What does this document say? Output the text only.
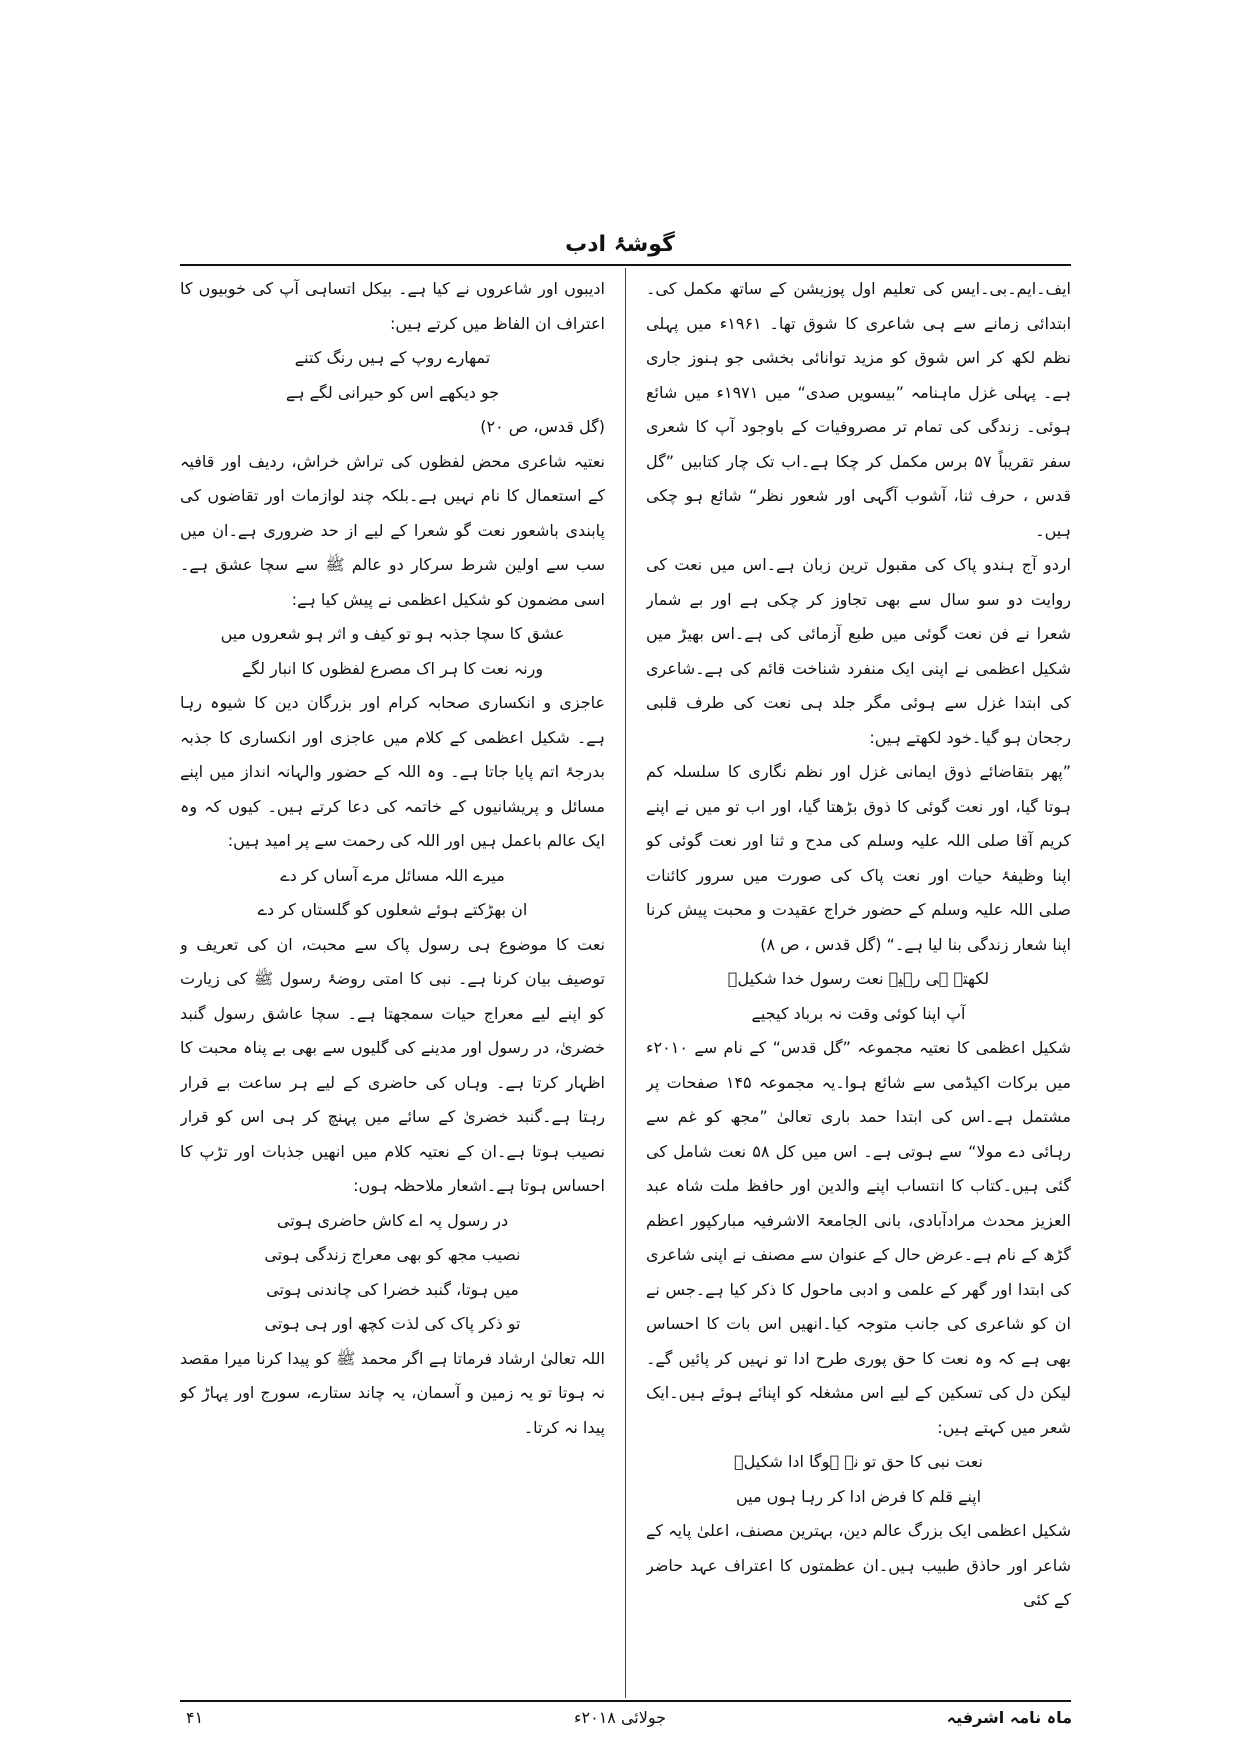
گوشۂ ادب

ایف۔ایم۔بی۔ایس کی تعلیم اول پوزیشن کے ساتھ مکمل کی۔ابتدائی زمانے سے ہی شاعری کا شوق تھا۔ ۱۹۶۱ء میں پہلی نظم لکھ کر اس شوق کو مزید توانائی بخشی جو ہنوز جاری ہے۔ پہلی غزل ماہنامہ ”بیسویں صدی“ میں ۱۹۷۱ء میں شائع ہوئی۔ زندگی کی تمام تر مصروفیات کے باوجود آپ کا شعری سفر تقریباً ۵۷ برس مکمل کر چکا ہے۔اب تک چار کتابیں ”گل قدس ، حرف ثنا، آشوب آگہی اور شعور نظر“ شائع ہو چکی ہیں۔

اردو آج ہندو پاک کی مقبول ترین زبان ہے۔اس میں نعت کی روایت دو سو سال سے بھی تجاوز کر چکی ہے اور بے شمار شعرا نے فن نعت گوئی میں طبع آزمائی کی ہے۔اس بھیڑ میں شکیل اعظمی نے اپنی ایک منفرد شناخت قائم کی ہے۔شاعری کی ابتدا غزل سے ہوئی مگر جلد ہی نعت کی طرف قلبی رجحان ہو گیا۔خود لکھتے ہیں:

”پھر بتقاضائے ذوق ایمانی غزل اور نظم نگاری کا سلسلہ کم ہوتا گیا، اور نعت گوئی کا ذوق بڑھتا گیا، اور اب تو میں نے اپنے کریم آقا صلی اللہ علیہ وسلم کی مدح و ثنا اور نعت گوئی کو اپنا وظیفۂ حیات اور نعت پاک کی صورت میں سرور کائنات صلی اللہ علیہ وسلم کے حضور خراج عقیدت و محبت پیش کرنا اپنا شعار زندگی بنا لیا ہے۔“ (گل قدس ، ص ۸)

لکھتے ہی رہیے نعت رسول خدا شکیلؔ

آپ اپنا کوئی وقت نہ برباد کیجیے

شکیل اعظمی کا نعتیہ مجموعہ ”گل قدس“ کے نام سے ۲۰۱۰ء میں برکات اکیڈمی سے شائع ہوا۔یہ مجموعہ ۱۴۵ صفحات پر مشتمل ہے۔اس کی ابتدا حمد باری تعالیٰ ”مجھ کو غم سے رہائی دے مولا“ سے ہوتی ہے۔ اس میں کل ۵۸ نعت شامل کی گئی ہیں۔کتاب کا انتساب اپنے والدین اور حافظ ملت شاہ عبد العزیز محدث مرادآبادی، بانی الجامعۃ الاشرفیہ مبارکپور اعظم گڑھ کے نام ہے۔عرض حال کے عنوان سے مصنف نے اپنی شاعری کی ابتدا اور گھر کے علمی و ادبی ماحول کا ذکر کیا ہے۔جس نے ان کو شاعری کی جانب متوجہ کیا۔انھیں اس بات کا احساس بھی ہے کہ وہ نعت کا حق پوری طرح ادا تو نہیں کر پائیں گے۔لیکن دل کی تسکین کے لیے اس مشغلہ کو اپنائے ہوئے ہیں۔ایک شعر میں کہتے ہیں:

نعت نبی کا حق تو نہ ہوگا ادا شکیلؔ

اپنے قلم کا فرض ادا کر رہا ہوں میں

شکیل اعظمی ایک بزرگ عالم دین، بہترین مصنف، اعلیٰ پایہ کے شاعر اور حاذق طبیب ہیں۔ان عظمتوں کا اعتراف عہد حاضر کے کئی

ادیبوں اور شاعروں نے کیا ہے۔ بیکل اتساہی آپ کی خوبیوں کا اعتراف ان الفاظ میں کرتے ہیں:

تمھارے روپ کے ہیں رنگ کتنے

جو دیکھے اس کو حیرانی لگے ہے

(گل قدس، ص ۲۰)

نعتیہ شاعری محض لفظوں کی تراش خراش، ردیف اور قافیہ کے استعمال کا نام نہیں ہے۔بلکہ چند لوازمات اور تقاضوں کی پابندی باشعور نعت گو شعرا کے لیے از حد ضروری ہے۔ان میں سب سے اولین شرط سرکار دو عالم ﷺ سے سچا عشق ہے۔اسی مضمون کو شکیل اعظمی نے پیش کیا ہے:

عشق کا سچا جذبہ ہو تو کیف و اثر ہو شعروں میں

ورنہ نعت کا ہر اک مصرع لفظوں کا انبار لگے

عاجزی و انکساری صحابہ کرام اور بزرگان دین کا شیوہ رہا ہے۔ شکیل اعظمی کے کلام میں عاجزی اور انکساری کا جذبہ بدرجۂ اتم پایا جاتا ہے۔ وہ اللہ کے حضور والہانہ انداز میں اپنے مسائل و پریشانیوں کے خاتمہ کی دعا کرتے ہیں۔ کیوں کہ وہ ایک عالم باعمل ہیں اور اللہ کی رحمت سے پر امید ہیں:

میرے اللہ مسائل مرے آساں کر دے

ان بھڑکتے ہوئے شعلوں کو گلستاں کر دے

نعت کا موضوع ہی رسول پاک سے محبت، ان کی تعریف و توصیف بیان کرنا ہے۔ نبی کا امتی روضۂ رسول ﷺ کی زیارت کو اپنے لیے معراج حیات سمجھتا ہے۔ سچا عاشق رسول گنبد خضریٰ، در رسول اور مدینے کی گلیوں سے بھی بے پناہ محبت کا اظہار کرتا ہے۔ وہاں کی حاضری کے لیے ہر ساعت بے قرار رہتا ہے۔گنبد خضریٰ کے سائے میں پہنچ کر ہی اس کو قرار نصیب ہوتا ہے۔ان کے نعتیہ کلام میں انھیں جذبات اور تڑپ کا احساس ہوتا ہے۔اشعار ملاحظہ ہوں:

در رسول پہ اے کاش حاضری ہوتی

نصیب مجھ کو بھی معراج زندگی ہوتی

میں ہوتا، گنبد خضرا کی چاندنی ہوتی

تو ذکر پاک کی لذت کچھ اور ہی ہوتی

اللہ تعالیٰ ارشاد فرماتا ہے اگر محمد ﷺ کو پیدا کرنا میرا مقصد نہ ہوتا تو یہ زمین و آسمان، یہ چاند ستارے، سورج اور پہاڑ کو پیدا نہ کرتا۔

ماہ نامہ اشرفیہ
جولائی ۲۰۱۸ء
۴۱
